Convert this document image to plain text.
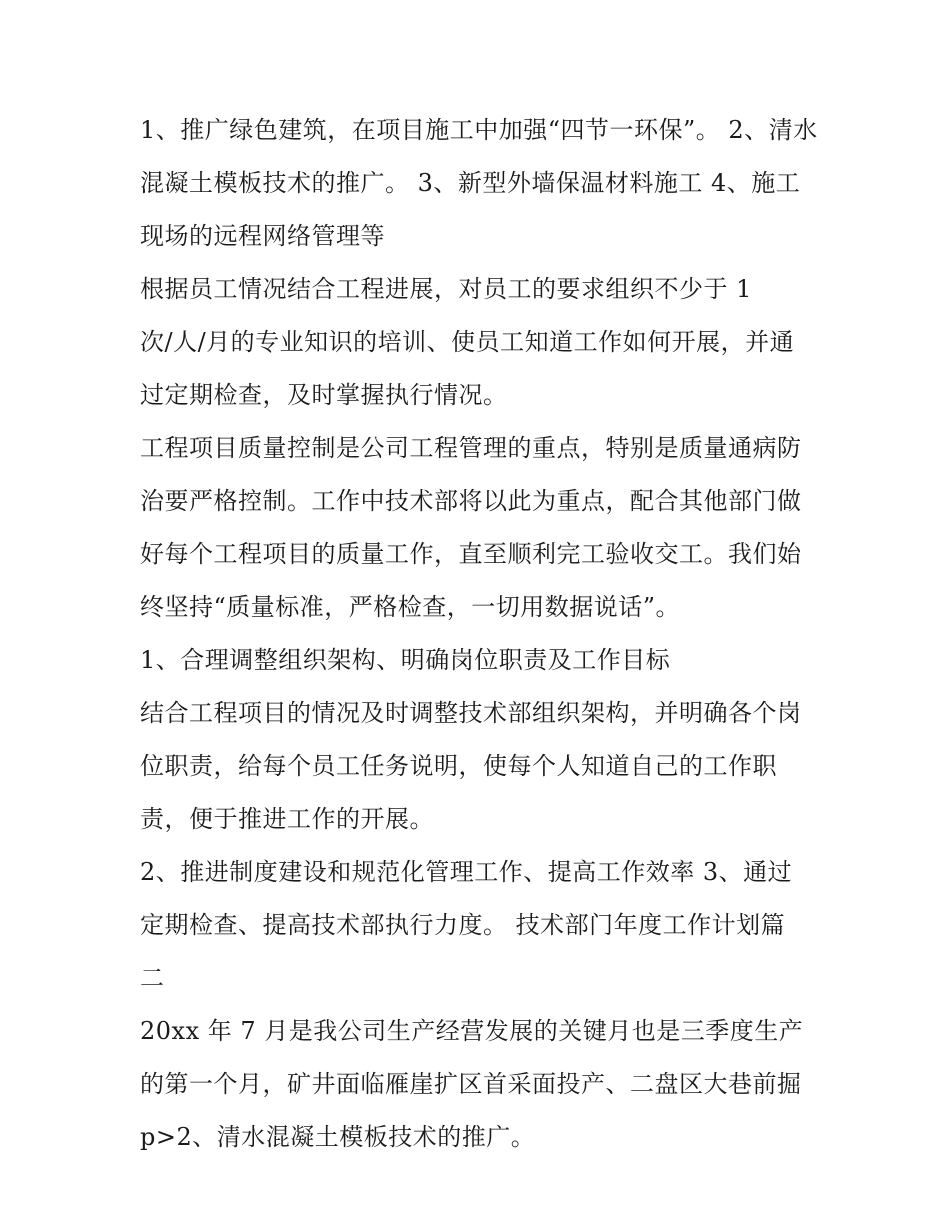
1、推广绿色建筑，在项目施工中加强“四节一环保”。 2、清水
混凝土模板技术的推广。 3、新型外墙保温材料施工 4、施工
现场的远程网络管理等
根据员工情况结合工程进展，对员工的要求组织不少于 1
次/人/月的专业知识的培训、使员工知道工作如何开展，并通
过定期检查，及时掌握执行情况。
工程项目质量控制是公司工程管理的重点，特别是质量通病防
治要严格控制。工作中技术部将以此为重点，配合其他部门做
好每个工程项目的质量工作，直至顺利完工验收交工。我们始
终坚持“质量标准，严格检查，一切用数据说话”。
1、合理调整组织架构、明确岗位职责及工作目标
结合工程项目的情况及时调整技术部组织架构，并明确各个岗
位职责，给每个员工任务说明，使每个人知道自己的工作职
责，便于推进工作的开展。
2、推进制度建设和规范化管理工作、提高工作效率 3、通过
定期检查、提高技术部执行力度。 技术部门年度工作计划篇
二
20xx 年 7 月是我公司生产经营发展的关键月也是三季度生产
的第一个月，矿井面临雁崖扩区首采面投产、二盘区大巷前掘
p>2、清水混凝土模板技术的推广。
